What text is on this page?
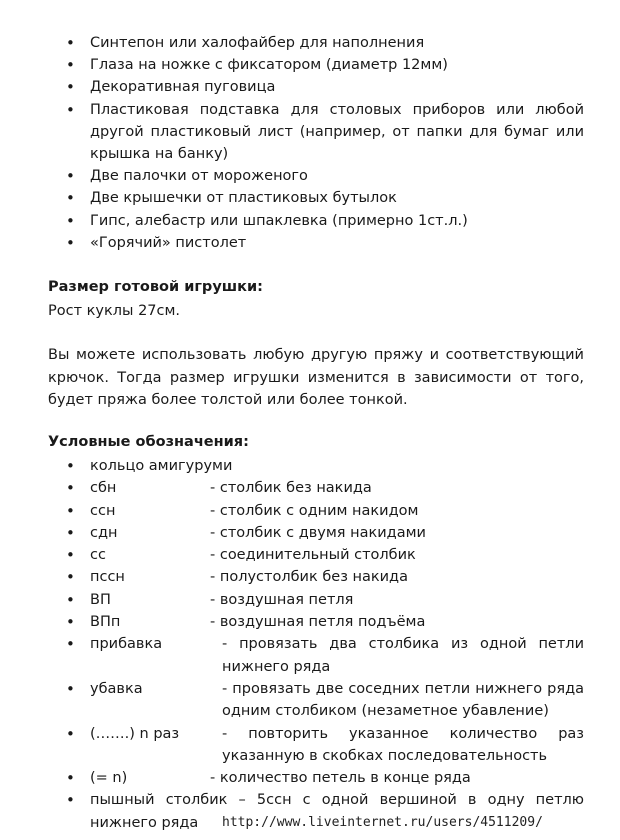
• Синтепон или халофайбер для наполнения
• Глаза на ножке с фиксатором (диаметр 12мм)
• Декоративная пуговица
• Пластиковая подставка для столовых приборов или любой другой пластиковый лист (например, от папки для бумаг или крышка на банку)
• Две палочки от мороженого
• Две крышечки от пластиковых бутылок
• Гипс, алебастр или шпаклевка (примерно 1ст.л.)
• «Горячий» пистолет
Размер готовой игрушки:
Рост куклы 27см.
Вы можете использовать любую другую пряжу и соответствующий крючок. Тогда размер игрушки изменится в зависимости от того, будет пряжа более толстой или более тонкой.
Условные обозначения:
• кольцо амигуруми
• сбн	- столбик без накида
• ссн	- столбик с одним накидом
• сдн	- столбик с двумя накидами
• сс	- соединительный столбик
• пссн	- полустолбик без накида
• ВП	- воздушная петля
• ВПп	- воздушная петля подъёма
• прибавка	- провязать два столбика из одной петли нижнего ряда
• убавка	- провязать две соседних петли нижнего ряда одним столбиком (незаметное убавление)
• (…….) n раз	- повторить указанное количество раз указанную в скобках последовательность
• (= n)	- количество петель в конце ряда
• пышный столбик – 5ссн с одной вершиной в одну петлю нижнего ряда	http://www.liveinternet.ru/users/4511209/
